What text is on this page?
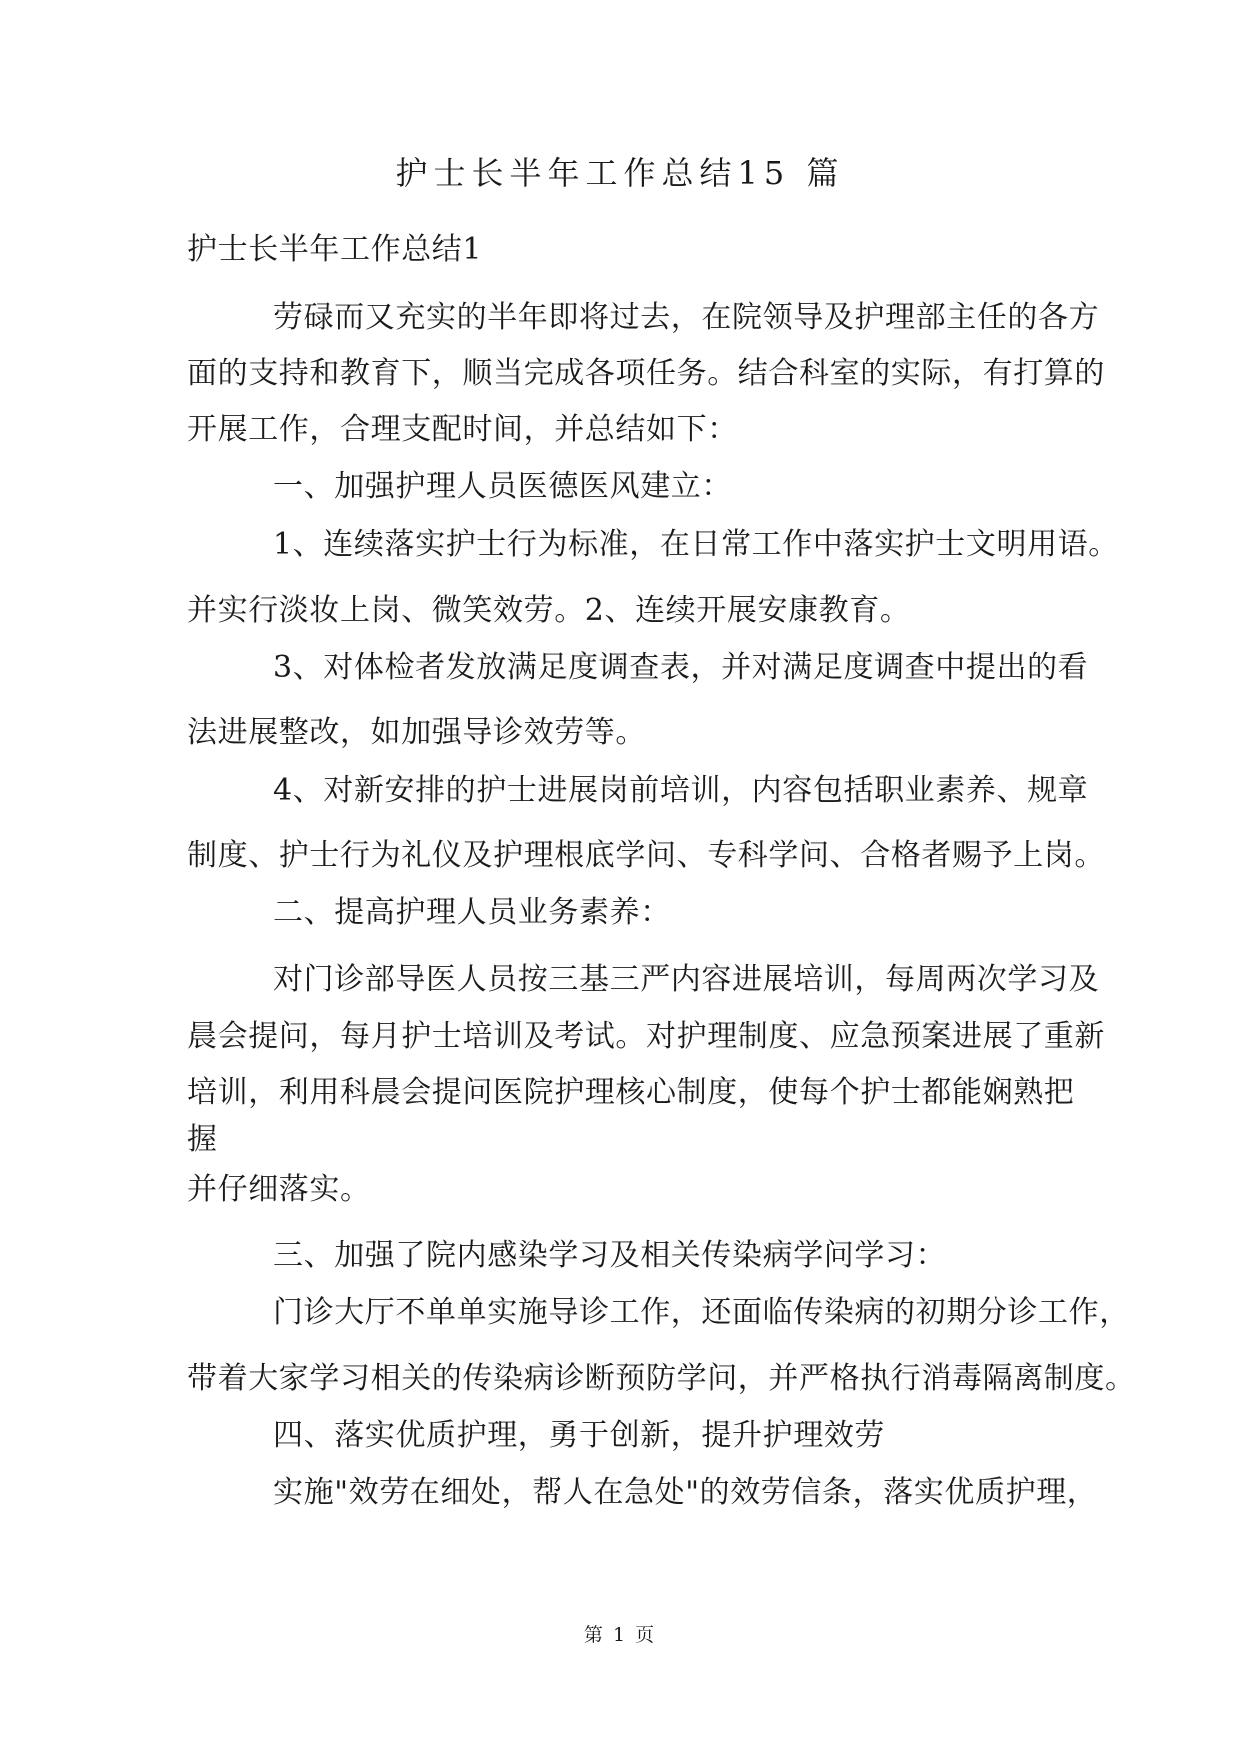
护士长半年工作总结15 篇
护士长半年工作总结1
劳碌而又充实的半年即将过去，在院领导及护理部主任的各方
面的支持和教育下，顺当完成各项任务。结合科室的实际，有打算的
开展工作，合理支配时间，并总结如下：
一、加强护理人员医德医风建立：
1、连续落实护士行为标准，在日常工作中落实护士文明用语。
并实行淡妆上岗、微笑效劳。2、连续开展安康教育。
3、对体检者发放满足度调查表，并对满足度调查中提出的看
法进展整改，如加强导诊效劳等。
4、对新安排的护士进展岗前培训，内容包括职业素养、规章
制度、护士行为礼仪及护理根底学问、专科学问、合格者赐予上岗。
二、提高护理人员业务素养：
对门诊部导医人员按三基三严内容进展培训，每周两次学习及
晨会提问，每月护士培训及考试。对护理制度、应急预案进展了重新
培训，利用科晨会提问医院护理核心制度，使每个护士都能娴熟把
握
并仔细落实。
三、加强了院内感染学习及相关传染病学问学习：
门诊大厅不单单实施导诊工作，还面临传染病的初期分诊工作，
带着大家学习相关的传染病诊断预防学问，并严格执行消毒隔离制度。
四、落实优质护理，勇于创新，提升护理效劳
实施"效劳在细处，帮人在急处"的效劳信条，落实优质护理，
第 1 页
